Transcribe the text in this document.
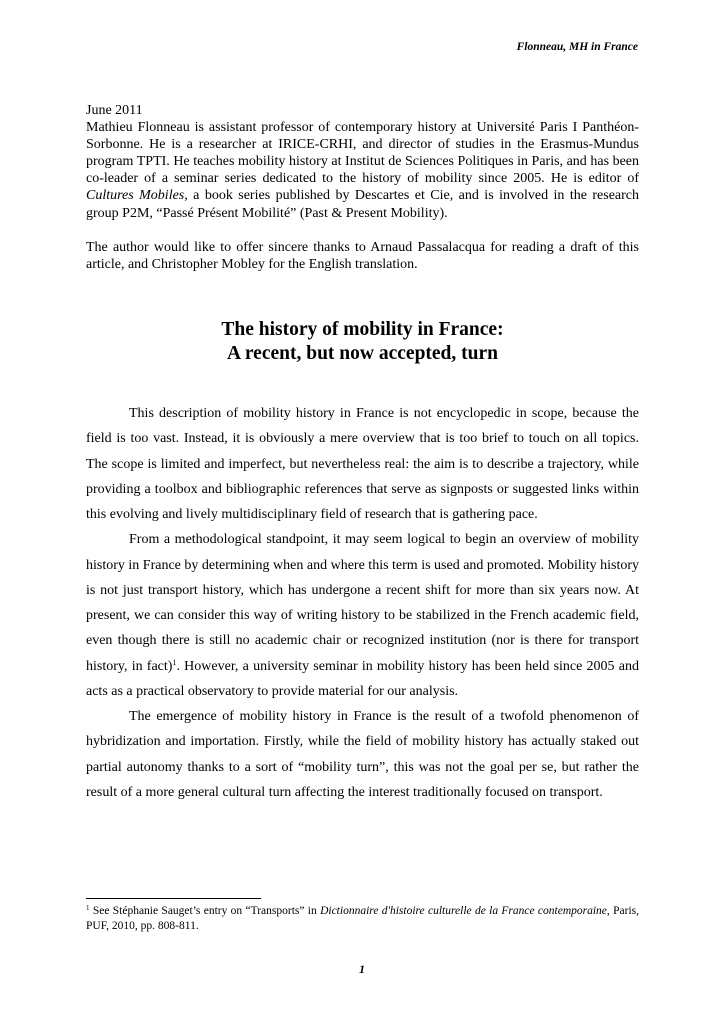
Flonneau, MH in France

June 2011
Mathieu Flonneau is assistant professor of contemporary history at Université Paris I Panthéon-Sorbonne. He is a researcher at IRICE-CRHI, and director of studies in the Erasmus-Mundus program TPTI. He teaches mobility history at Institut de Sciences Politiques in Paris, and has been co-leader of a seminar series dedicated to the history of mobility since 2005. He is editor of Cultures Mobiles, a book series published by Descartes et Cie, and is involved in the research group P2M, “Passé Présent Mobilité” (Past & Present Mobility).

The author would like to offer sincere thanks to Arnaud Passalacqua for reading a draft of this article, and Christopher Mobley for the English translation.

The history of mobility in France:
A recent, but now accepted, turn

This description of mobility history in France is not encyclopedic in scope, because the field is too vast. Instead, it is obviously a mere overview that is too brief to touch on all topics. The scope is limited and imperfect, but nevertheless real: the aim is to describe a trajectory, while providing a toolbox and bibliographic references that serve as signposts or suggested links within this evolving and lively multidisciplinary field of research that is gathering pace.

From a methodological standpoint, it may seem logical to begin an overview of mobility history in France by determining when and where this term is used and promoted. Mobility history is not just transport history, which has undergone a recent shift for more than six years now. At present, we can consider this way of writing history to be stabilized in the French academic field, even though there is still no academic chair or recognized institution (nor is there for transport history, in fact)$^1$. However, a university seminar in mobility history has been held since 2005 and acts as a practical observatory to provide material for our analysis.

The emergence of mobility history in France is the result of a twofold phenomenon of hybridization and importation. Firstly, while the field of mobility history has actually staked out partial autonomy thanks to a sort of “mobility turn”, this was not the goal per se, but rather the result of a more general cultural turn affecting the interest traditionally focused on transport.

$^1$ See Stéphanie Sauget’s entry on “Transports” in Dictionnaire d'histoire culturelle de la France contemporaine, Paris, PUF, 2010, pp. 808-811.
1
